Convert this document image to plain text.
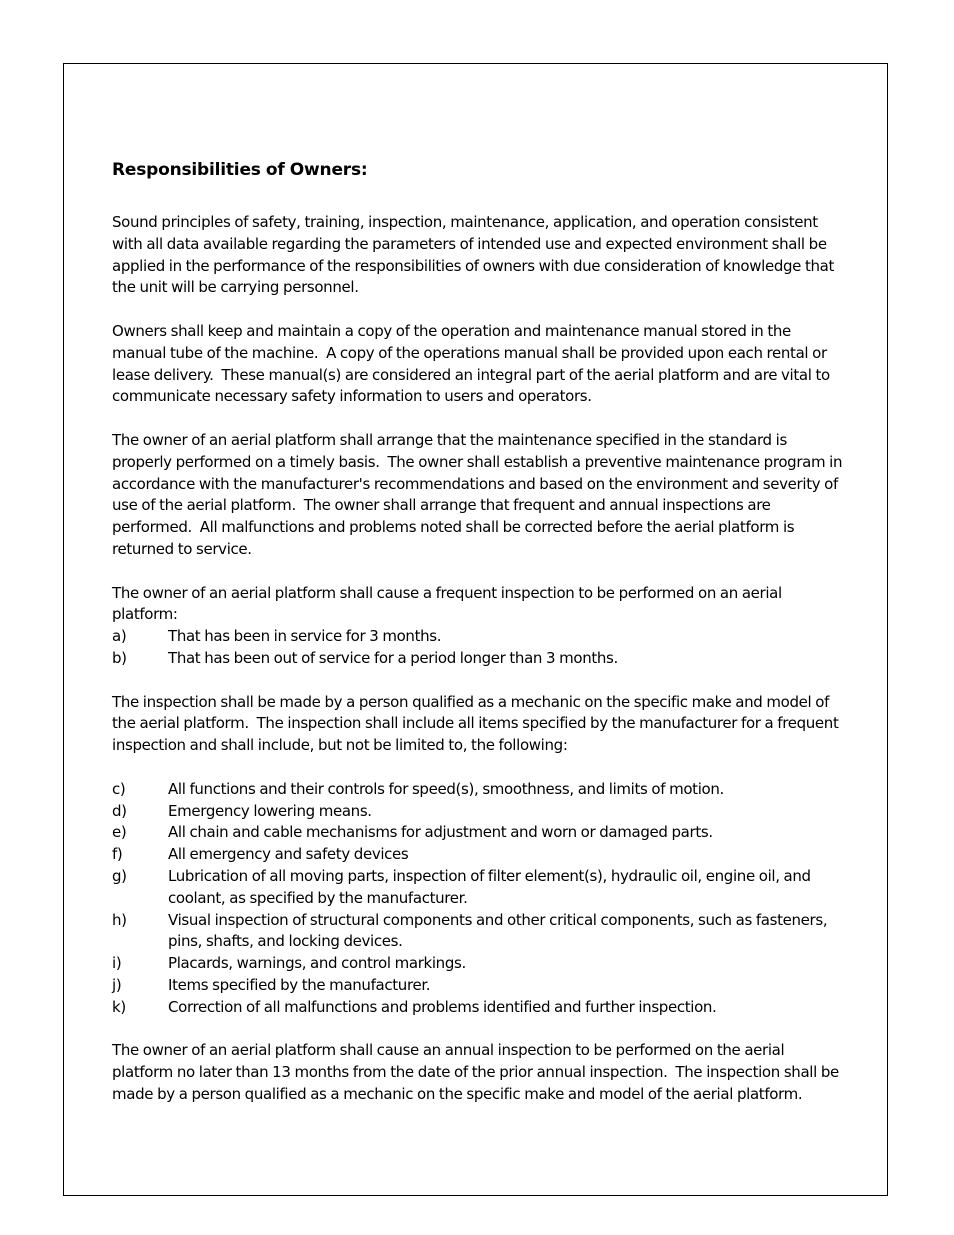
Responsibilities of Owners:

Sound principles of safety, training, inspection, maintenance, application, and operation consistent with all data available regarding the parameters of intended use and expected environment shall be applied in the performance of the responsibilities of owners with due consideration of knowledge that the unit will be carrying personnel.

Owners shall keep and maintain a copy of the operation and maintenance manual stored in the manual tube of the machine.  A copy of the operations manual shall be provided upon each rental or lease delivery.  These manual(s) are considered an integral part of the aerial platform and are vital to communicate necessary safety information to users and operators.

The owner of an aerial platform shall arrange that the maintenance specified in the standard is properly performed on a timely basis.  The owner shall establish a preventive maintenance program in accordance with the manufacturer's recommendations and based on the environment and severity of use of the aerial platform.  The owner shall arrange that frequent and annual inspections are performed.  All malfunctions and problems noted shall be corrected before the aerial platform is returned to service.

The owner of an aerial platform shall cause a frequent inspection to be performed on an aerial platform:

a)	That has been in service for 3 months.
b)	That has been out of service for a period longer than 3 months.

The inspection shall be made by a person qualified as a mechanic on the specific make and model of the aerial platform.  The inspection shall include all items specified by the manufacturer for a frequent inspection and shall include, but not be limited to, the following:

c)	All functions and their controls for speed(s), smoothness, and limits of motion.
d)	Emergency lowering means.
e)	All chain and cable mechanisms for adjustment and worn or damaged parts.
f)	All emergency and safety devices
g)	Lubrication of all moving parts, inspection of filter element(s), hydraulic oil, engine oil, and coolant, as specified by the manufacturer.
h)	Visual inspection of structural components and other critical components, such as fasteners, pins, shafts, and locking devices.
i)	Placards, warnings, and control markings.
j)	Items specified by the manufacturer.
k)	Correction of all malfunctions and problems identified and further inspection.

The owner of an aerial platform shall cause an annual inspection to be performed on the aerial platform no later than 13 months from the date of the prior annual inspection.  The inspection shall be made by a person qualified as a mechanic on the specific make and model of the aerial platform.
